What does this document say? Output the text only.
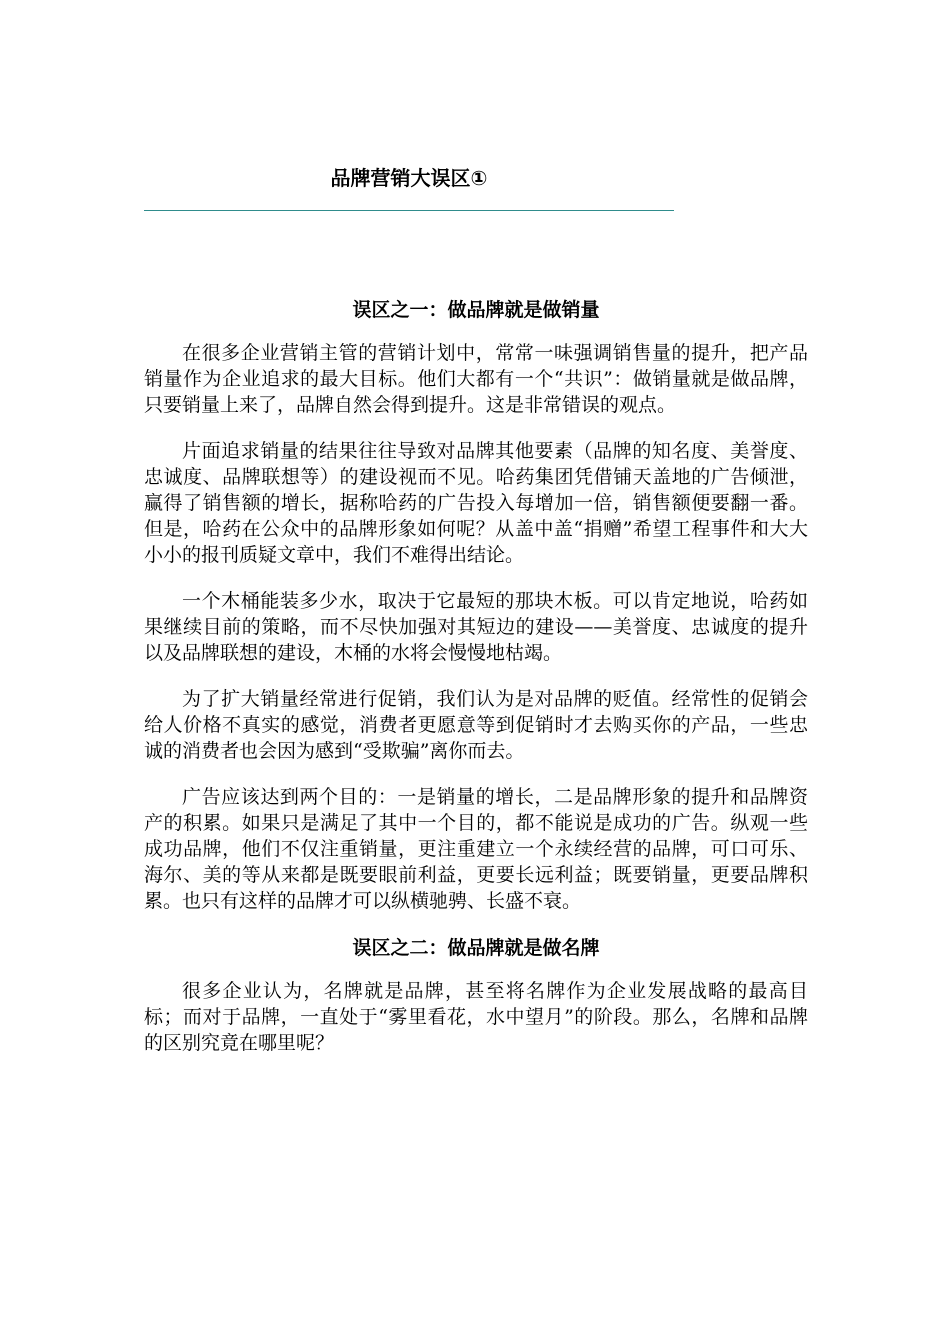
品牌营销大误区①
误区之一：做品牌就是做销量

在很多企业营销主管的营销计划中，常常一味强调销售量的提升，把产品销量作为企业追求的最大目标。他们大都有一个“共识”：做销量就是做品牌，只要销量上来了，品牌自然会得到提升。这是非常错误的观点。

片面追求销量的结果往往导致对品牌其他要素（品牌的知名度、美誉度、忠诚度、品牌联想等）的建设视而不见。哈药集团凭借铺天盖地的广告倾泄，赢得了销售额的增长，据称哈药的广告投入每增加一倍，销售额便要翻一番。但是，哈药在公众中的品牌形象如何呢？从盖中盖“捐赠”希望工程事件和大大小小的报刊质疑文章中，我们不难得出结论。

一个木桶能装多少水，取决于它最短的那块木板。可以肯定地说，哈药如果继续目前的策略，而不尽快加强对其短边的建设——美誉度、忠诚度的提升以及品牌联想的建设，木桶的水将会慢慢地枯竭。

为了扩大销量经常进行促销，我们认为是对品牌的贬值。经常性的促销会给人价格不真实的感觉，消费者更愿意等到促销时才去购买你的产品，一些忠诚的消费者也会因为感到“受欺骗”离你而去。

广告应该达到两个目的：一是销量的增长，二是品牌形象的提升和品牌资产的积累。如果只是满足了其中一个目的，都不能说是成功的广告。纵观一些成功品牌，他们不仅注重销量，更注重建立一个永续经营的品牌，可口可乐、海尔、美的等从来都是既要眼前利益，更要长远利益；既要销量，更要品牌积累。也只有这样的品牌才可以纵横驰骋、长盛不衰。

误区之二：做品牌就是做名牌

很多企业认为，名牌就是品牌，甚至将名牌作为企业发展战略的最高目标；而对于品牌，一直处于“雾里看花，水中望月”的阶段。那么，名牌和品牌的区别究竟在哪里呢？
